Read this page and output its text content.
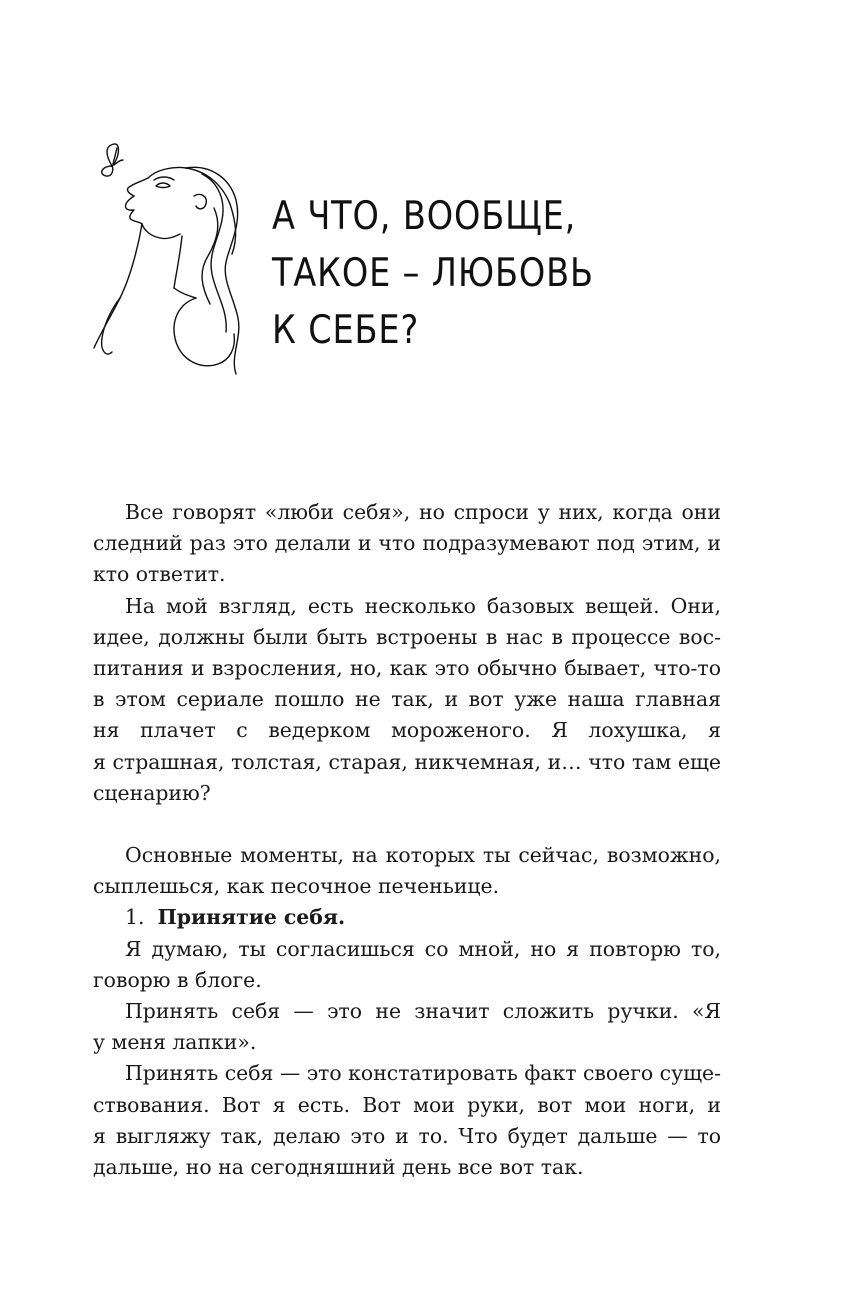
А ЧТО, ВООБЩЕ,
ТАКОЕ – ЛЮБОВЬ
К СЕБЕ?
Все говорят «люби себя», но спроси у них, когда они
следний раз это делали и что подразумевают под этим, и
кто ответит.
На мой взгляд, есть несколько базовых вещей. Они,
идее, должны были быть встроены в нас в процессе вос-
питания и взросления, но, как это обычно бывает, что-то
в этом сериале пошло не так, и вот уже наша главная
ня плачет с ведерком мороженого. Я лохушка, я
я страшная, толстая, старая, никчемная, и… что там еще
сценарию?
Основные моменты, на которых ты сейчас, возможно,
сыплешься, как песочное печеньице.
1. Принятие себя.
Я думаю, ты согласишься со мной, но я повторю то,
говорю в блоге.
Принять себя — это не значит сложить ручки. «Я
у меня лапки».
Принять себя — это констатировать факт своего суще-
ствования. Вот я есть. Вот мои руки, вот мои ноги, и
я выгляжу так, делаю это и то. Что будет дальше — то
дальше, но на сегодняшний день все вот так.
